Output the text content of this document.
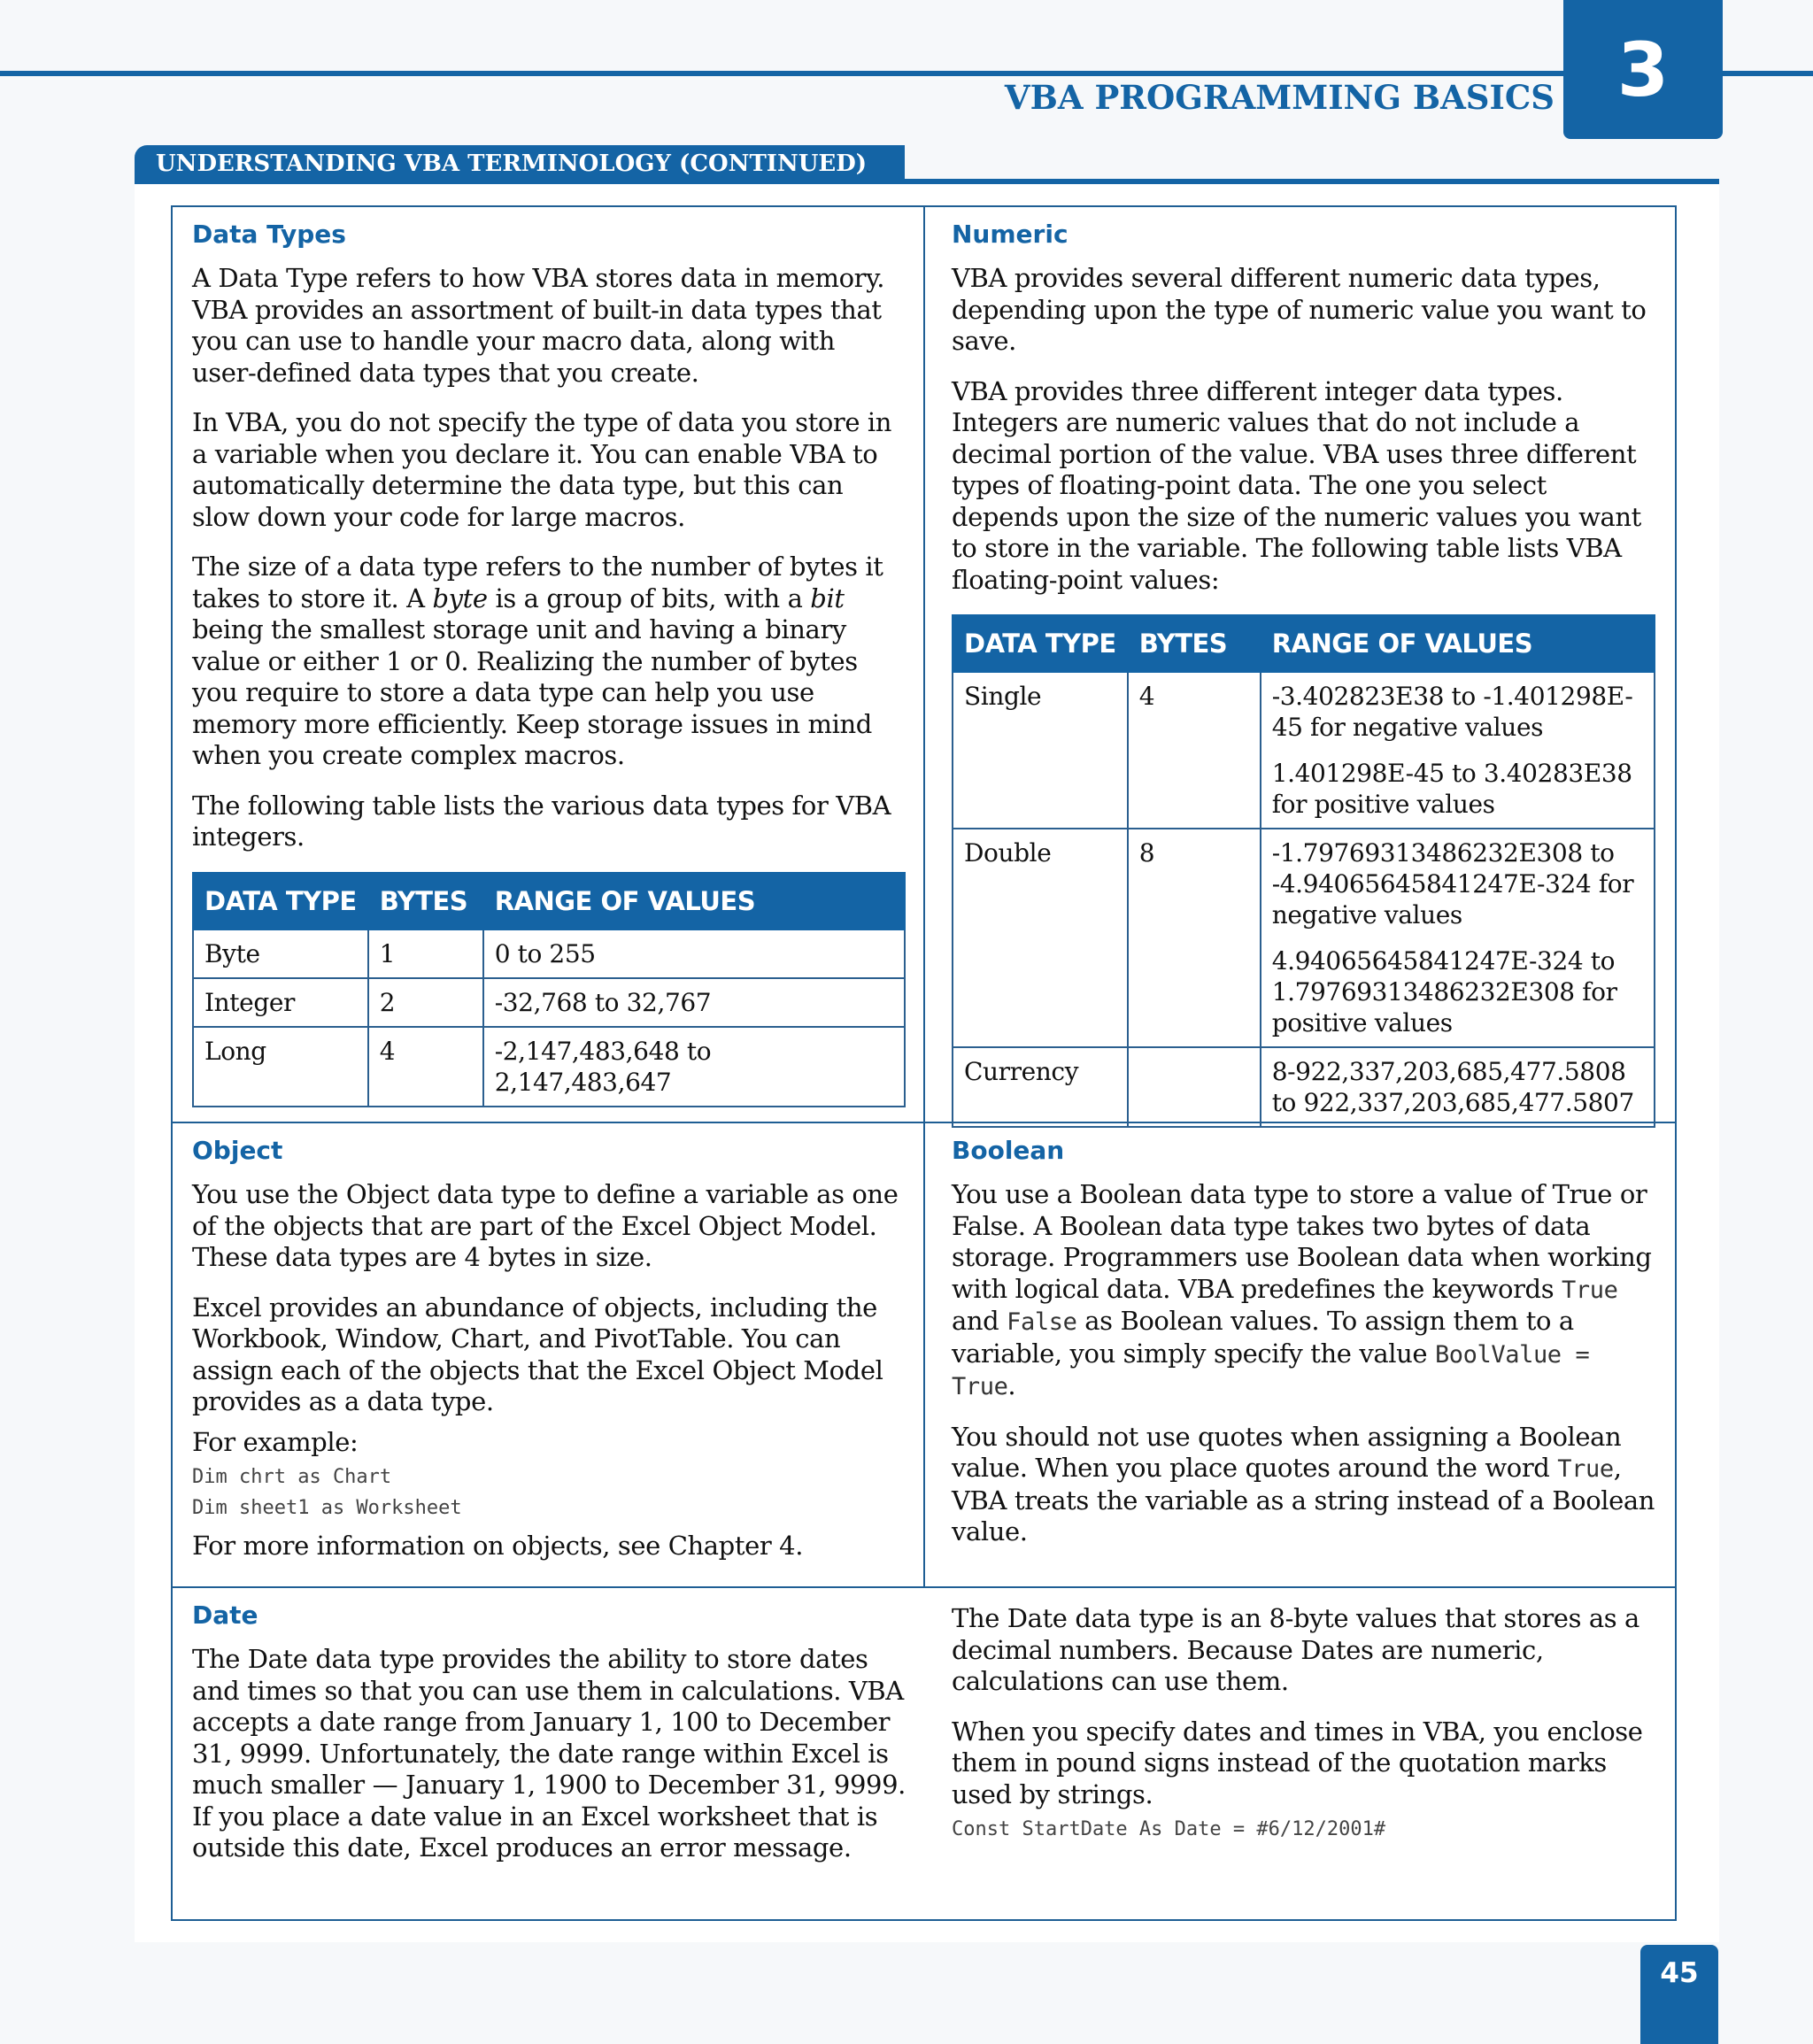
3
VBA PROGRAMMING BASICS
UNDERSTANDING VBA TERMINOLOGY (CONTINUED)
Data Types

A Data Type refers to how VBA stores data in memory. VBA provides an assortment of built-in data types that you can use to handle your macro data, along with user-defined data types that you create.

In VBA, you do not specify the type of data you store in a variable when you declare it. You can enable VBA to automatically determine the data type, but this can slow down your code for large macros.

The size of a data type refers to the number of bytes it takes to store it. A byte is a group of bits, with a bit being the smallest storage unit and having a binary value or either 1 or 0. Realizing the number of bytes you require to store a data type can help you use memory more efficiently. Keep storage issues in mind when you create complex macros.

The following table lists the various data types for VBA integers.

DATA TYPE	BYTES	RANGE OF VALUES
Byte	1	0 to 255
Integer	2	-32,768 to 32,767
Long	4	-2,147,483,648 to 2,147,483,647
Numeric

VBA provides several different numeric data types, depending upon the type of numeric value you want to save.

VBA provides three different integer data types. Integers are numeric values that do not include a decimal portion of the value. VBA uses three different types of floating-point data. The one you select depends upon the size of the numeric values you want to store in the variable. The following table lists VBA floating-point values:

DATA TYPE	BYTES	RANGE OF VALUES
Single	4	-3.402823E38 to -1.401298E-45 for negative values

1.401298E-45 to 3.40283E38 for positive values

Double	8	-1.79769313486232E308 to -4.94065645841247E-324 for negative values

4.94065645841247E-324 to 1.79769313486232E308 for positive values

Currency		8-922,337,203,685,477.5808 to 922,337,203,685,477.5807

Object

You use the Object data type to define a variable as one of the objects that are part of the Excel Object Model. These data types are 4 bytes in size.

Excel provides an abundance of objects, including the Workbook, Window, Chart, and PivotTable. You can assign each of the objects that the Excel Object Model provides as a data type.

For example:

Dim chrt as Chart
Dim sheet1 as Worksheet

For more information on objects, see Chapter 4.

Boolean

You use a Boolean data type to store a value of True or False. A Boolean data type takes two bytes of data storage. Programmers use Boolean data when working with logical data. VBA predefines the keywords True and False as Boolean values. To assign them to a variable, you simply specify the value BoolValue = True.

You should not use quotes when assigning a Boolean value. When you place quotes around the word True, VBA treats the variable as a string instead of a Boolean value.

Date

The Date data type provides the ability to store dates and times so that you can use them in calculations. VBA accepts a date range from January 1, 100 to December 31, 9999. Unfortunately, the date range within Excel is much smaller — January 1, 1900 to December 31, 9999. If you place a date value in an Excel worksheet that is outside this date, Excel produces an error message.

The Date data type is an 8-byte values that stores as a decimal numbers. Because Dates are numeric, calculations can use them.

When you specify dates and times in VBA, you enclose them in pound signs instead of the quotation marks used by strings.

Const StartDate As Date = #6/12/2001#
45
